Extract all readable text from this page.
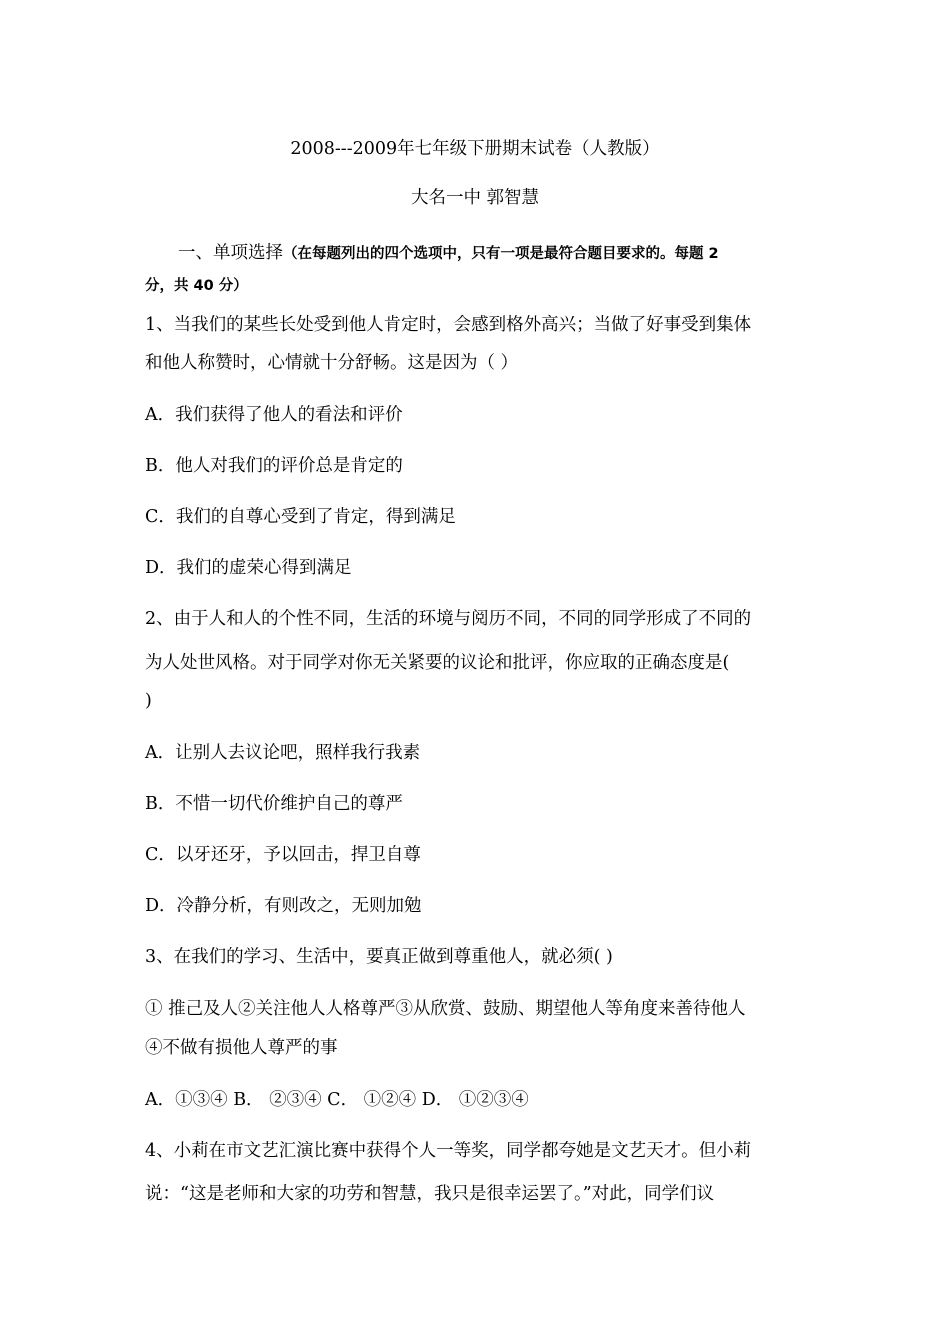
2008---2009年七年级下册期末试卷（人教版）
大名一中 郭智慧
一、单项选择（在每题列出的四个选项中，只有一项是最符合题目要求的。每题 2
分，共 40 分）
1、当我们的某些长处受到他人肯定时，会感到格外高兴；当做了好事受到集体
和他人称赞时，心情就十分舒畅。这是因为（ ）
A．我们获得了他人的看法和评价
B．他人对我们的评价总是肯定的
C．我们的自尊心受到了肯定，得到满足
D．我们的虚荣心得到满足
2、由于人和人的个性不同，生活的环境与阅历不同，不同的同学形成了不同的
为人处世风格。对于同学对你无关紧要的议论和批评，你应取的正确态度是(
)
A．让别人去议论吧，照样我行我素
B．不惜一切代价维护自己的尊严
C．以牙还牙，予以回击，捍卫自尊
D．冷静分析，有则改之，无则加勉
3、在我们的学习、生活中，要真正做到尊重他人，就必须( )
① 推己及人②关注他人人格尊严③从欣赏、鼓励、期望他人等角度来善待他人
④不做有损他人尊严的事
A．①③④ B． ②③④ C． ①②④ D． ①②③④
4、小莉在市文艺汇演比赛中获得个人一等奖，同学都夸她是文艺天才。但小莉
说：“这是老师和大家的功劳和智慧，我只是很幸运罢了。”对此，同学们议
